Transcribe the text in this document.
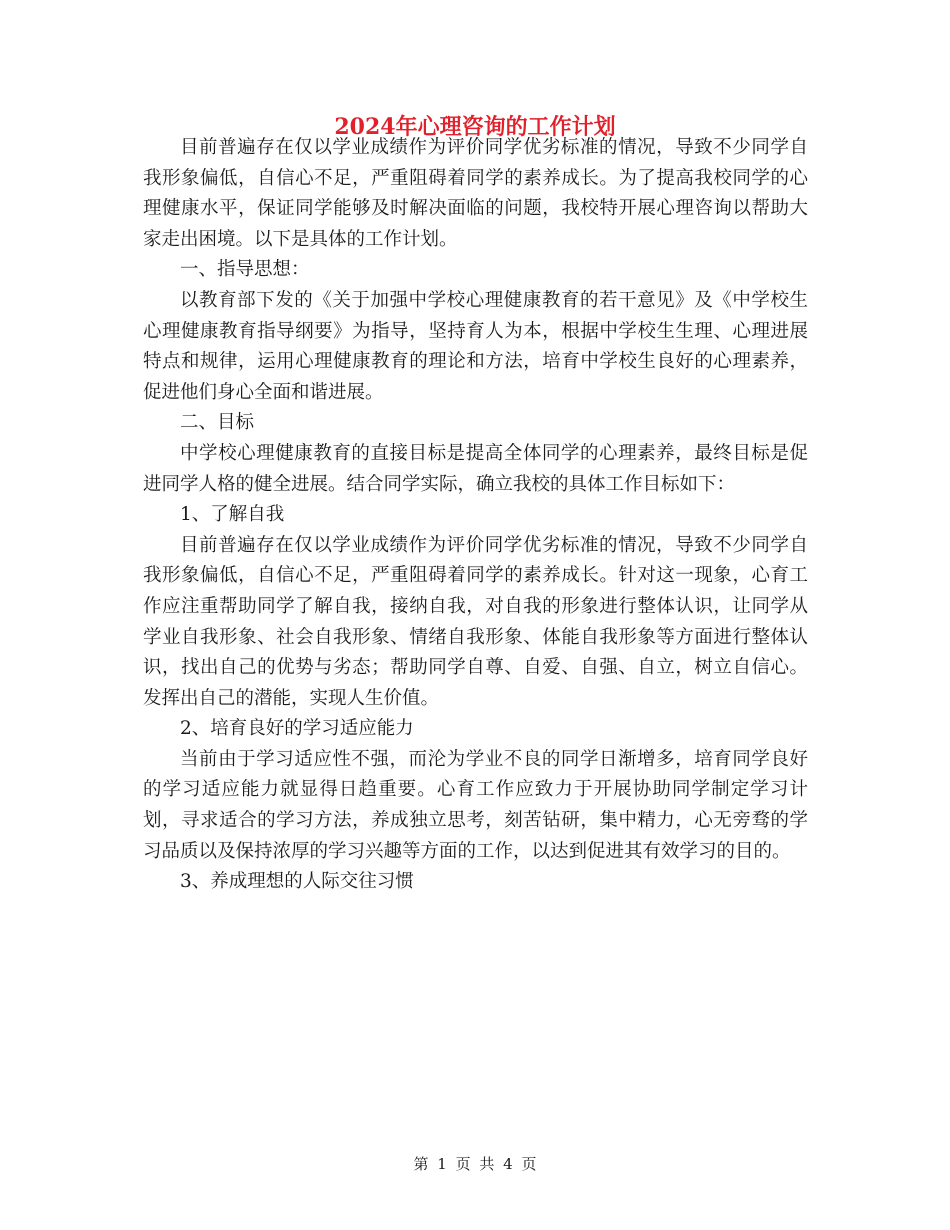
2024年心理咨询的工作计划

目前普遍存在仅以学业成绩作为评价同学优劣标准的情况，导致不少同学自我形象偏低，自信心不足，严重阻碍着同学的素养成长。为了提高我校同学的心理健康水平，保证同学能够及时解决面临的问题，我校特开展心理咨询以帮助大家走出困境。以下是具体的工作计划。

一、指导思想：

以教育部下发的《关于加强中学校心理健康教育的若干意见》及《中学校生心理健康教育指导纲要》为指导，坚持育人为本，根据中学校生生理、心理进展特点和规律，运用心理健康教育的理论和方法，培育中学校生良好的心理素养，促进他们身心全面和谐进展。

二、目标

中学校心理健康教育的直接目标是提高全体同学的心理素养，最终目标是促进同学人格的健全进展。结合同学实际，确立我校的具体工作目标如下：

1、了解自我

目前普遍存在仅以学业成绩作为评价同学优劣标准的情况，导致不少同学自我形象偏低，自信心不足，严重阻碍着同学的素养成长。针对这一现象，心育工作应注重帮助同学了解自我，接纳自我，对自我的形象进行整体认识，让同学从学业自我形象、社会自我形象、情绪自我形象、体能自我形象等方面进行整体认识，找出自己的优势与劣态；帮助同学自尊、自爱、自强、自立，树立自信心。发挥出自己的潜能，实现人生价值。

2、培育良好的学习适应能力

当前由于学习适应性不强，而沦为学业不良的同学日渐增多，培育同学良好的学习适应能力就显得日趋重要。心育工作应致力于开展协助同学制定学习计划，寻求适合的学习方法，养成独立思考，刻苦钻研，集中精力，心无旁骛的学习品质以及保持浓厚的学习兴趣等方面的工作，以达到促进其有效学习的目的。

3、养成理想的人际交往习惯

第 1 页 共 4 页
